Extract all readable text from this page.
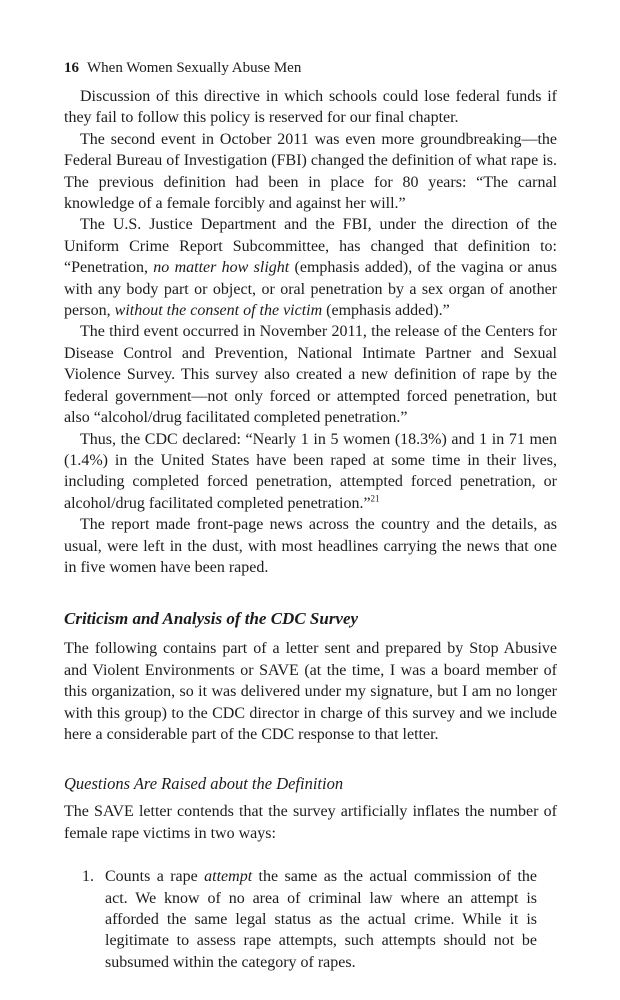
16 When Women Sexually Abuse Men

Discussion of this directive in which schools could lose federal funds if they fail to follow this policy is reserved for our final chapter.

The second event in October 2011 was even more groundbreaking—the Federal Bureau of Investigation (FBI) changed the definition of what rape is. The previous definition had been in place for 80 years: “The carnal knowledge of a female forcibly and against her will.”

The U.S. Justice Department and the FBI, under the direction of the Uniform Crime Report Subcommittee, has changed that definition to: “Penetration, no matter how slight (emphasis added), of the vagina or anus with any body part or object, or oral penetration by a sex organ of another person, without the consent of the victim (emphasis added).”

The third event occurred in November 2011, the release of the Centers for Disease Control and Prevention, National Intimate Partner and Sexual Violence Survey. This survey also created a new definition of rape by the federal government—not only forced or attempted forced penetration, but also “alcohol/drug facilitated completed penetration.”

Thus, the CDC declared: “Nearly 1 in 5 women (18.3%) and 1 in 71 men (1.4%) in the United States have been raped at some time in their lives, including completed forced penetration, attempted forced penetration, or alcohol/drug facilitated completed penetration.”$^{21}$

The report made front-page news across the country and the details, as usual, were left in the dust, with most headlines carrying the news that one in five women have been raped.

Criticism and Analysis of the CDC Survey

The following contains part of a letter sent and prepared by Stop Abusive and Violent Environments or SAVE (at the time, I was a board member of this organization, so it was delivered under my signature, but I am no longer with this group) to the CDC director in charge of this survey and we include here a considerable part of the CDC response to that letter.

Questions Are Raised about the Definition

The SAVE letter contends that the survey artificially inflates the number of female rape victims in two ways:

1. Counts a rape attempt the same as the actual commission of the act. We know of no area of criminal law where an attempt is afforded the same legal status as the actual crime. While it is legitimate to assess rape attempts, such attempts should not be subsumed within the category of rapes.
